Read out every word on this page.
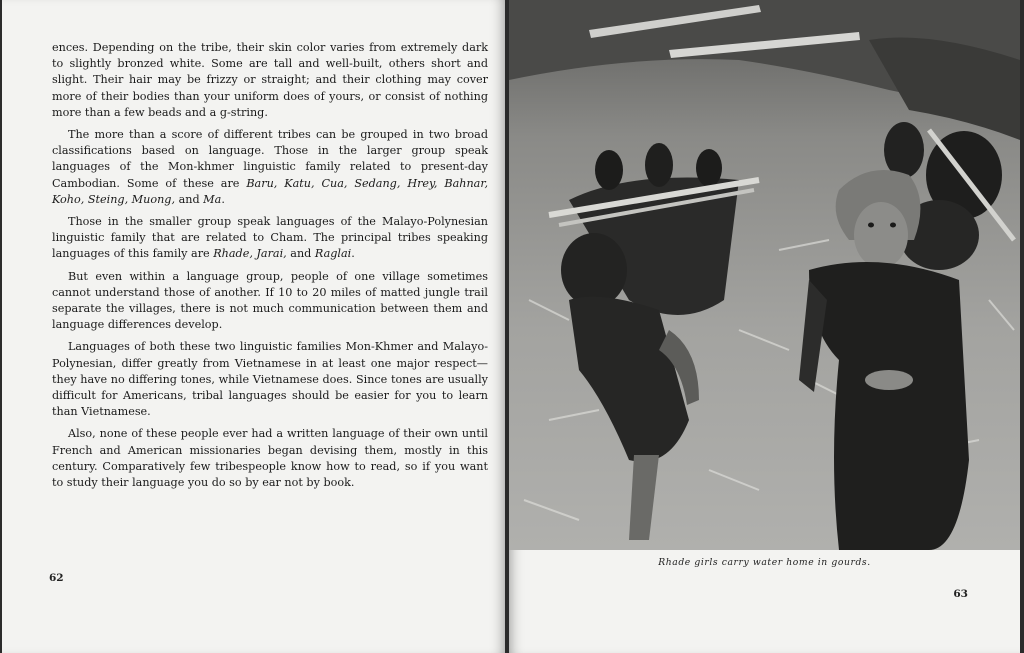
ences. Depending on the tribe, their skin color varies from extremely dark to slightly bronzed white. Some are tall and well-built, others short and slight. Their hair may be frizzy or straight; and their clothing may cover more of their bodies than your uniform does of yours, or consist of nothing more than a few beads and a g-string.

The more than a score of different tribes can be grouped in two broad classifications based on language. Those in the larger group speak languages of the Mon-khmer linguistic family related to present-day Cambodian. Some of these are Baru, Katu, Cua, Sedang, Hrey, Bahnar, Koho, Steing, Muong, and Ma.

Those in the smaller group speak languages of the Malayo-Polynesian linguistic family that are related to Cham. The principal tribes speaking languages of this family are Rhade, Jarai, and Raglai.

But even within a language group, people of one village sometimes cannot understand those of another. If 10 to 20 miles of matted jungle trail separate the villages, there is not much communication between them and language differences develop.

Languages of both these two linguistic families Mon-Khmer and Malayo-Polynesian, differ greatly from Vietnamese in at least one major respect—they have no differing tones, while Vietnamese does. Since tones are usually difficult for Americans, tribal languages should be easier for you to learn than Vietnamese.

Also, none of these people ever had a written language of their own until French and American missionaries began devising them, mostly in this century. Comparatively few tribespeople know how to read, so if you want to study their language you do so by ear not by book.

62
Rhade girls carry water home in gourds.
63
